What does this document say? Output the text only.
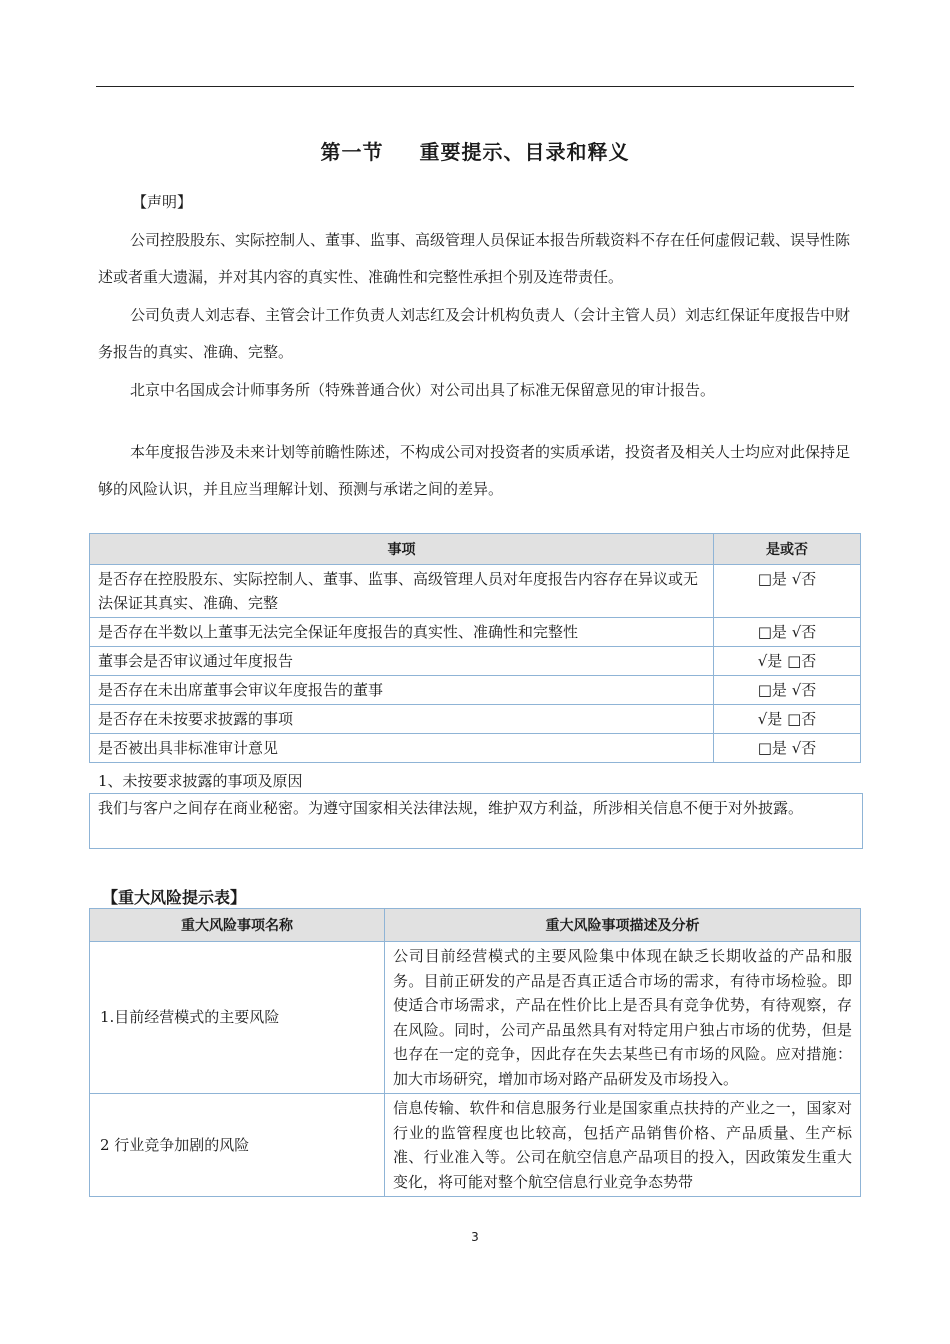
第一节 重要提示、目录和释义
【声明】
公司控股股东、实际控制人、董事、监事、高级管理人员保证本报告所载资料不存在任何虚假记载、误导性陈述或者重大遗漏，并对其内容的真实性、准确性和完整性承担个别及连带责任。
公司负责人刘志春、主管会计工作负责人刘志红及会计机构负责人（会计主管人员）刘志红保证年度报告中财务报告的真实、准确、完整。
北京中名国成会计师事务所（特殊普通合伙）对公司出具了标准无保留意见的审计报告。
本年度报告涉及未来计划等前瞻性陈述，不构成公司对投资者的实质承诺，投资者及相关人士均应对此保持足够的风险认识，并且应当理解计划、预测与承诺之间的差异。
事项	是或否
是否存在控股股东、实际控制人、董事、监事、高级管理人员对年度报告内容存在异议或无法保证其真实、准确、完整	□是 √否
是否存在半数以上董事无法完全保证年度报告的真实性、准确性和完整性	□是 √否
董事会是否审议通过年度报告	√是 □否
是否存在未出席董事会审议年度报告的董事	□是 √否
是否存在未按要求披露的事项	√是 □否
是否被出具非标准审计意见	□是 √否
1、未按要求披露的事项及原因
我们与客户之间存在商业秘密。为遵守国家相关法律法规，维护双方利益，所涉相关信息不便于对外披露。
【重大风险提示表】
重大风险事项名称	重大风险事项描述及分析
1.目前经营模式的主要风险	公司目前经营模式的主要风险集中体现在缺乏长期收益的产品和服务。目前正研发的产品是否真正适合市场的需求，有待市场检验。即使适合市场需求，产品在性价比上是否具有竞争优势，有待观察，存在风险。同时，公司产品虽然具有对特定用户独占市场的优势，但是也存在一定的竞争，因此存在失去某些已有市场的风险。应对措施：加大市场研究，增加市场对路产品研发及市场投入。
2 行业竞争加剧的风险	信息传输、软件和信息服务行业是国家重点扶持的产业之一，国家对行业的监管程度也比较高，包括产品销售价格、产品质量、生产标准、行业准入等。公司在航空信息产品项目的投入，因政策发生重大变化，将可能对整个航空信息行业竞争态势带
3
